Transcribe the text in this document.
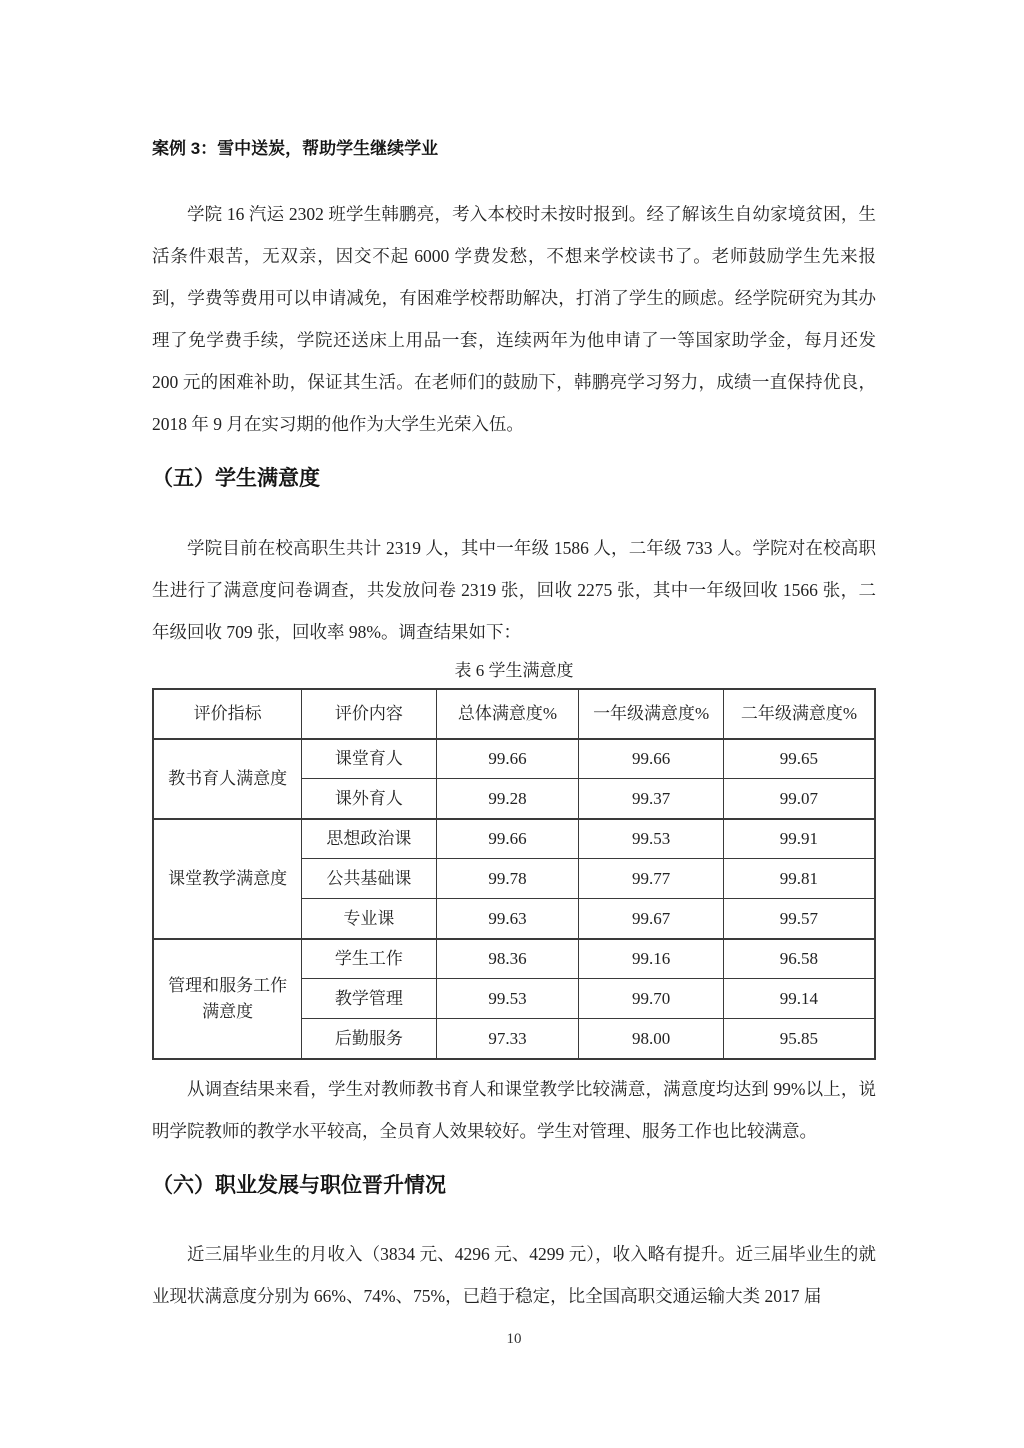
案例 3：雪中送炭，帮助学生继续学业

学院 16 汽运 2302 班学生韩鹏亮，考入本校时未按时报到。经了解该生自幼家境贫困，生活条件艰苦，无双亲，因交不起 6000 学费发愁，不想来学校读书了。老师鼓励学生先来报到，学费等费用可以申请减免，有困难学校帮助解决，打消了学生的顾虑。经学院研究为其办理了免学费手续，学院还送床上用品一套，连续两年为他申请了一等国家助学金，每月还发 200 元的困难补助，保证其生活。在老师们的鼓励下，韩鹏亮学习努力，成绩一直保持优良，2018 年 9 月在实习期的他作为大学生光荣入伍。

（五）学生满意度

学院目前在校高职生共计 2319 人，其中一年级 1586 人，二年级 733 人。学院对在校高职生进行了满意度问卷调查，共发放问卷 2319 张，回收 2275 张，其中一年级回收 1566 张，二年级回收 709 张，回收率 98%。调查结果如下：

表 6 学生满意度
评价指标	评价内容	总体满意度%	一年级满意度%	二年级满意度%
教书育人满意度	课堂育人	99.66	99.66	99.65
	课外育人	99.28	99.37	99.07
课堂教学满意度	思想政治课	99.66	99.53	99.91
	公共基础课	99.78	99.77	99.81
	专业课	99.63	99.67	99.57
管理和服务工作满意度	学生工作	98.36	99.16	96.58
	教学管理	99.53	99.70	99.14
	后勤服务	97.33	98.00	95.85

从调查结果来看，学生对教师教书育人和课堂教学比较满意，满意度均达到 99%以上，说明学院教师的教学水平较高，全员育人效果较好。学生对管理、服务工作也比较满意。

（六）职业发展与职位晋升情况

近三届毕业生的月收入（3834 元、4296 元、4299 元），收入略有提升。近三届毕业生的就业现状满意度分别为 66%、74%、75%，已趋于稳定，比全国高职交通运输大类 2017 届

10
